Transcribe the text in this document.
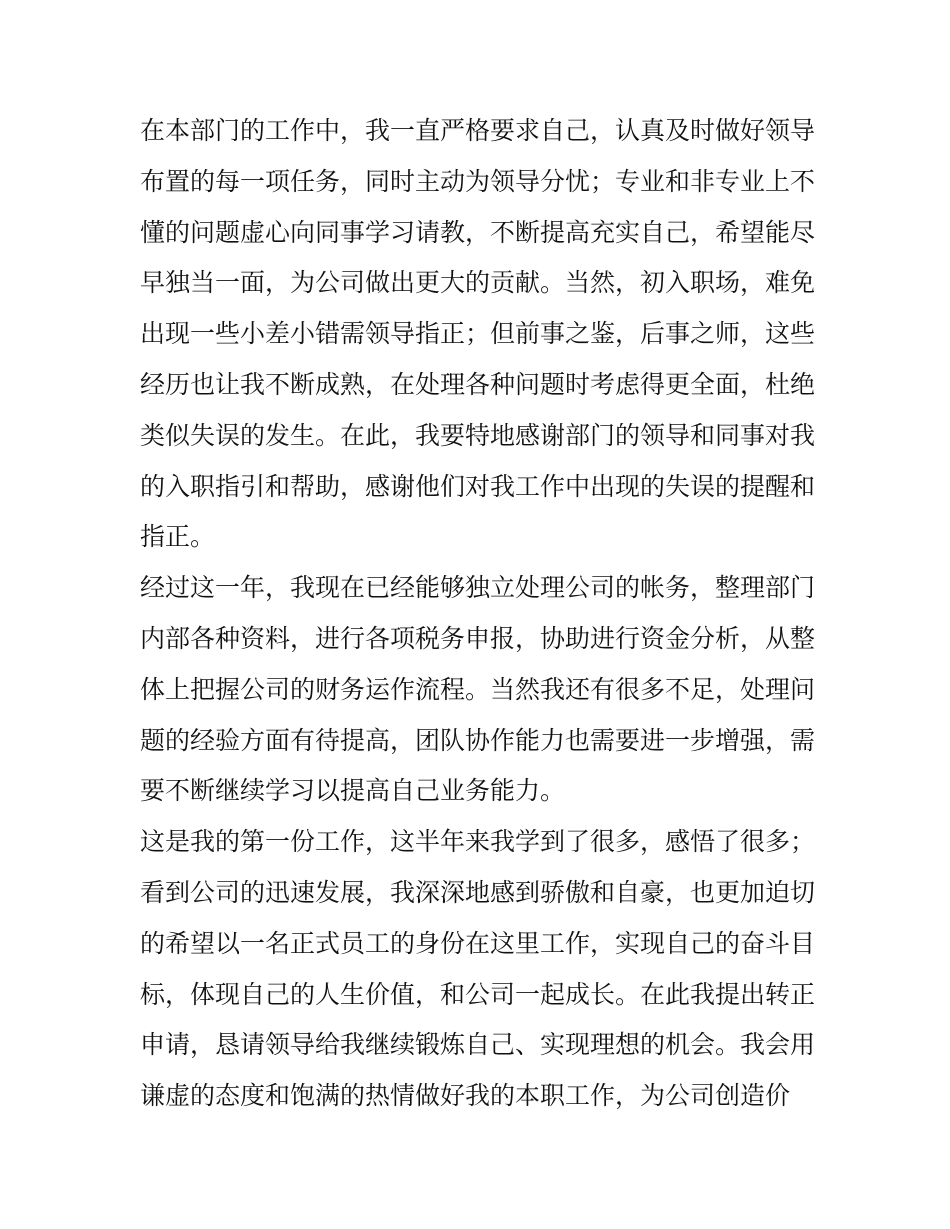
在本部门的工作中，我一直严格要求自己，认真及时做好领导
布置的每一项任务，同时主动为领导分忧；专业和非专业上不
懂的问题虚心向同事学习请教，不断提高充实自己，希望能尽
早独当一面，为公司做出更大的贡献。当然，初入职场，难免
出现一些小差小错需领导指正；但前事之鉴，后事之师，这些
经历也让我不断成熟，在处理各种问题时考虑得更全面，杜绝
类似失误的发生。在此，我要特地感谢部门的领导和同事对我
的入职指引和帮助，感谢他们对我工作中出现的失误的提醒和
指正。
经过这一年，我现在已经能够独立处理公司的帐务，整理部门
内部各种资料，进行各项税务申报，协助进行资金分析，从整
体上把握公司的财务运作流程。当然我还有很多不足，处理问
题的经验方面有待提高，团队协作能力也需要进一步增强，需
要不断继续学习以提高自己业务能力。
这是我的第一份工作，这半年来我学到了很多，感悟了很多；
看到公司的迅速发展，我深深地感到骄傲和自豪，也更加迫切
的希望以一名正式员工的身份在这里工作，实现自己的奋斗目
标，体现自己的人生价值，和公司一起成长。在此我提出转正
申请，恳请领导给我继续锻炼自己、实现理想的机会。我会用
谦虚的态度和饱满的热情做好我的本职工作，为公司创造价
